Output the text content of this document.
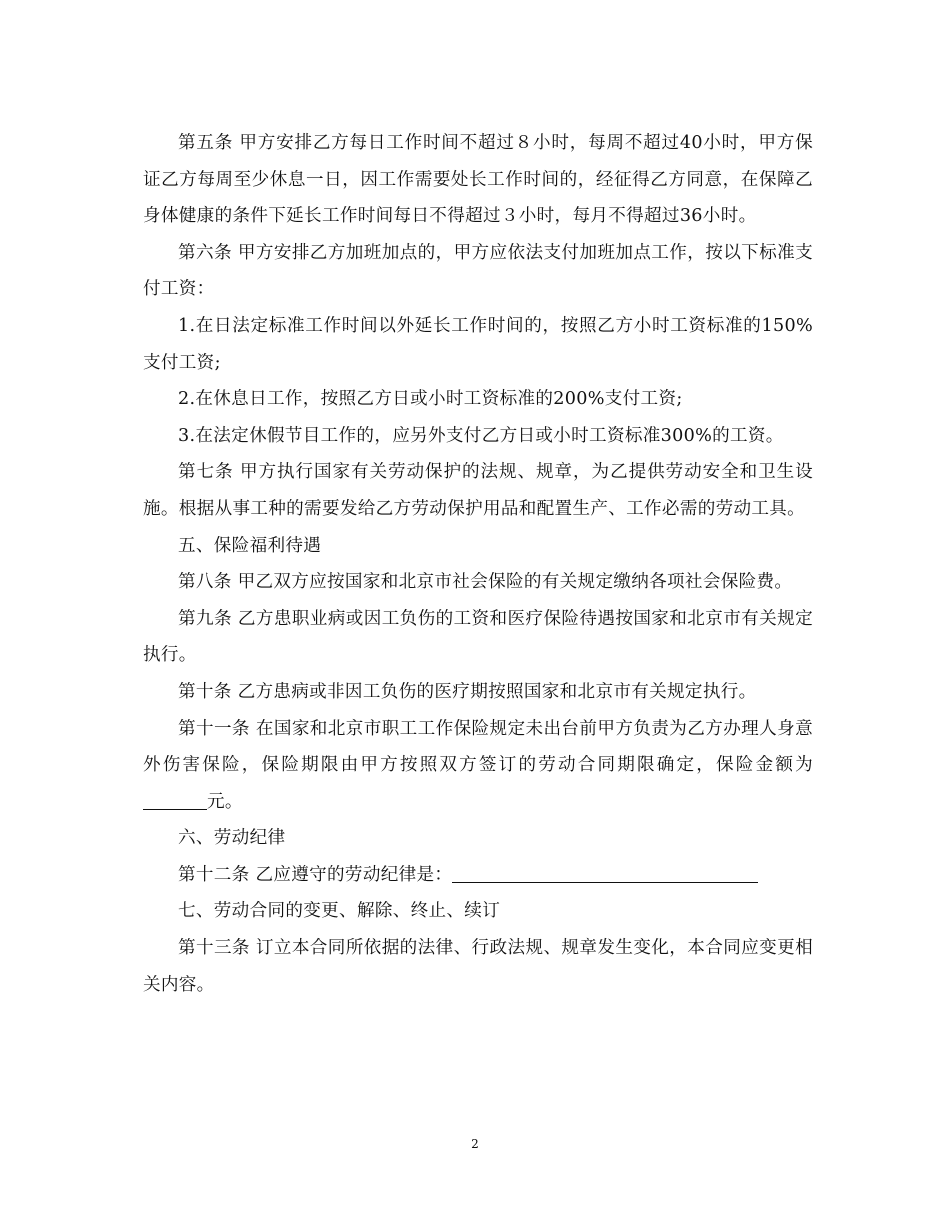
第五条 甲方安排乙方每日工作时间不超过８小时，每周不超过40小时，甲方保证乙方每周至少休息一日，因工作需要处长工作时间的，经征得乙方同意，在保障乙身体健康的条件下延长工作时间每日不得超过３小时，每月不得超过36小时。

第六条 甲方安排乙方加班加点的，甲方应依法支付加班加点工作，按以下标准支付工资：

1.在日法定标准工作时间以外延长工作时间的，按照乙方小时工资标准的150%支付工资;

2.在休息日工作，按照乙方日或小时工资标准的200%支付工资;

3.在法定休假节目工作的，应另外支付乙方日或小时工资标准300%的工资。

第七条 甲方执行国家有关劳动保护的法规、规章，为乙提供劳动安全和卫生设施。根据从事工种的需要发给乙方劳动保护用品和配置生产、工作必需的劳动工具。

五、保险福利待遇

第八条 甲乙双方应按国家和北京市社会保险的有关规定缴纳各项社会保险费。

第九条 乙方患职业病或因工负伤的工资和医疗保险待遇按国家和北京市有关规定执行。

第十条 乙方患病或非因工负伤的医疗期按照国家和北京市有关规定执行。

第十一条 在国家和北京市职工工作保险规定未出台前甲方负责为乙方办理人身意外伤害保险，保险期限由甲方按照双方签订的劳动合同期限确定，保险金额为元。

六、劳动纪律

第十二条 乙应遵守的劳动纪律是：

七、劳动合同的变更、解除、终止、续订

第十三条 订立本合同所依据的法律、行政法规、规章发生变化，本合同应变更相关内容。

2
